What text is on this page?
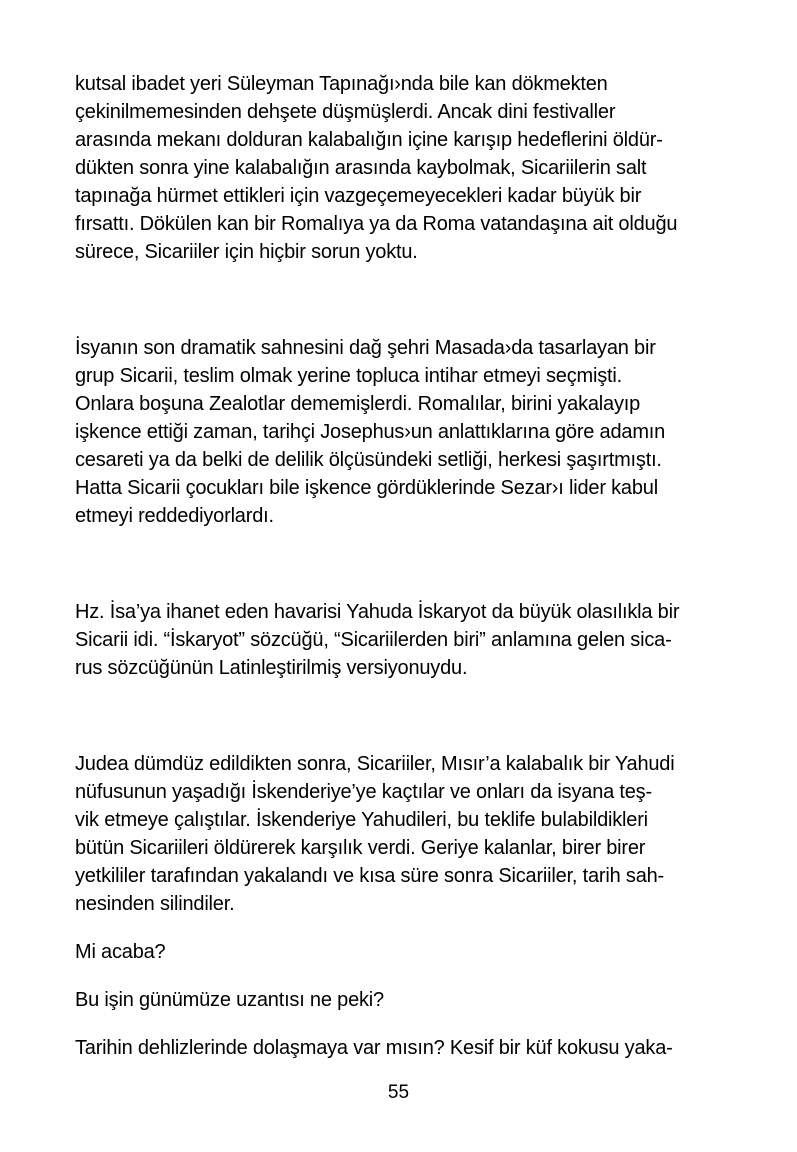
kutsal ibadet yeri Süleyman Tapınağı›nda bile kan dökmekten
çekinilmemesinden dehşete düşmüşlerdi. Ancak dini festivaller
arasında mekanı dolduran kalabalığın içine karışıp hedeflerini öldür-
dükten sonra yine kalabalığın arasında kaybolmak, Sicariilerin salt
tapınağa hürmet ettikleri için vazgeçemeyecekleri kadar büyük bir
fırsattı. Dökülen kan bir Romalıya ya da Roma vatandaşına ait olduğu
sürece, Sicariiler için hiçbir sorun yoktu.
İsyanın son dramatik sahnesini dağ şehri Masada›da tasarlayan bir
grup Sicarii, teslim olmak yerine topluca intihar etmeyi seçmişti.
Onlara boşuna Zealotlar dememişlerdi. Romalılar, birini yakalayıp
işkence ettiği zaman, tarihçi Josephus›un anlattıklarına göre adamın
cesareti ya da belki de delilik ölçüsündeki setliği, herkesi şaşırtmıştı.
Hatta Sicarii çocukları bile işkence gördüklerinde Sezar›ı lider kabul
etmeyi reddediyorlardı.
Hz. İsa’ya ihanet eden havarisi Yahuda İskaryot da büyük olasılıkla bir
Sicarii idi. “İskaryot” sözcüğü, “Sicariilerden biri” anlamına gelen sica-
rus sözcüğünün Latinleştirilmiş versiyonuydu.
Judea dümdüz edildikten sonra, Sicariiler, Mısır’a kalabalık bir Yahudi
nüfusunun yaşadığı İskenderiye’ye kaçtılar ve onları da isyana teş-
vik etmeye çalıştılar. İskenderiye Yahudileri, bu teklife bulabildikleri
bütün Sicariileri öldürerek karşılık verdi. Geriye kalanlar, birer birer
yetkililer tarafından yakalandı ve kısa süre sonra Sicariiler, tarih sah-
nesinden silindiler.
Mi acaba?
Bu işin günümüze uzantısı ne peki?
Tarihin dehlizlerinde dolaşmaya var mısın? Kesif bir küf kokusu yaka-
55
